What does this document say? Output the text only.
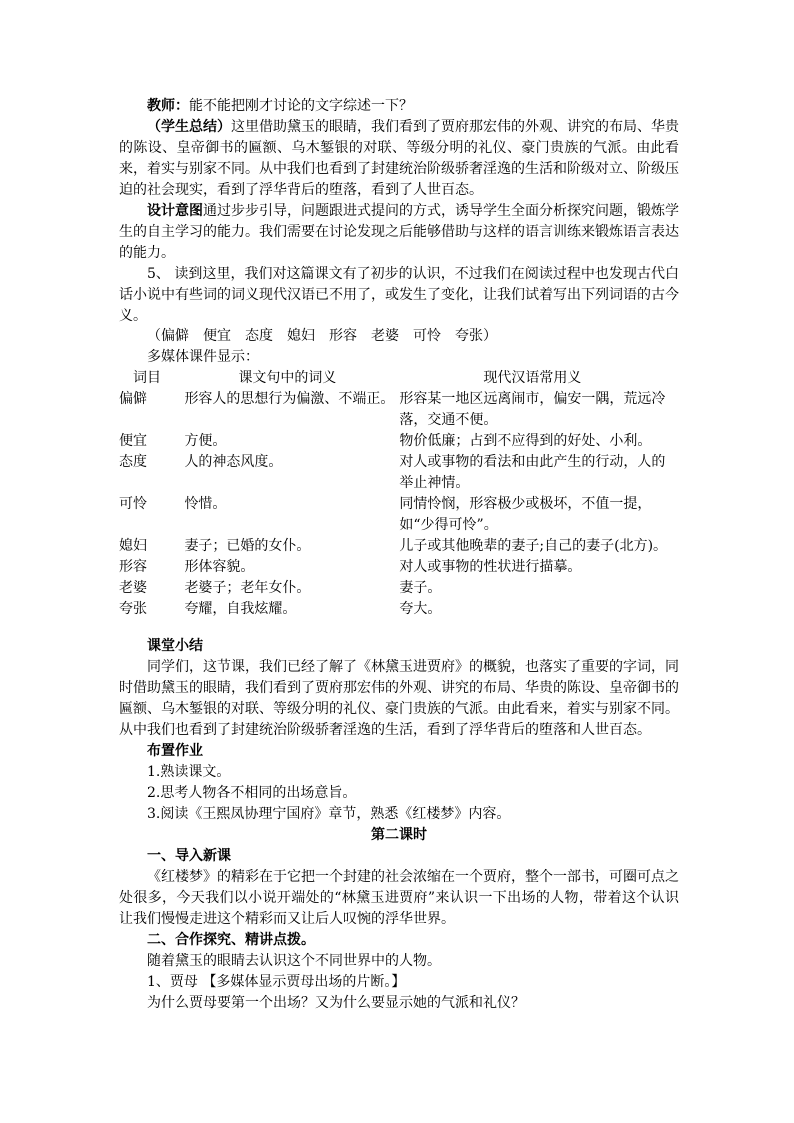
教师：能不能把刚才讨论的文字综述一下？

（学生总结）这里借助黛玉的眼睛，我们看到了贾府那宏伟的外观、讲究的布局、华贵的陈设、皇帝御书的匾额、乌木錾银的对联、等级分明的礼仪、豪门贵族的气派。由此看来，着实与别家不同。从中我们也看到了封建统治阶级骄奢淫逸的生活和阶级对立、阶级压迫的社会现实，看到了浮华背后的堕落，看到了人世百态。

设计意图通过步步引导，问题跟进式提问的方式，诱导学生全面分析探究问题，锻炼学生的自主学习的能力。我们需要在讨论发现之后能够借助与这样的语言训练来锻炼语言表达的能力。

5、 读到这里，我们对这篇课文有了初步的认识，不过我们在阅读过程中也发现古代白话小说中有些词的词义现代汉语已不用了，或发生了变化，让我们试着写出下列词语的古今义。

（偏僻　便宜　态度　媳妇　形容　老婆　可怜　夸张）

多媒体课件显示：

词目	课文句中的词义	现代汉语常用义
偏僻	形容人的思想行为偏激、不端正。	形容某一地区远离闹市，偏安一隅，荒远冷落，交通不便。
便宜	方便。	物价低廉；占到不应得到的好处、小利。
态度	人的神态风度。	对人或事物的看法和由此产生的行动，人的举止神情。
可怜	怜惜。	同情怜悯，形容极少或极坏，不值一提，如“少得可怜”。
媳妇	妻子；已婚的女仆。	儿子或其他晚辈的妻子;自己的妻子(北方)。
形容	形体容貌。	对人或事物的性状进行描摹。
老婆	老婆子；老年女仆。	妻子。
夸张	夸耀，自我炫耀。	夸大。

课堂小结

同学们，这节课，我们已经了解了《林黛玉进贾府》的概貌，也落实了重要的字词，同时借助黛玉的眼睛，我们看到了贾府那宏伟的外观、讲究的布局、华贵的陈设、皇帝御书的匾额、乌木錾银的对联、等级分明的礼仪、豪门贵族的气派。由此看来，着实与别家不同。从中我们也看到了封建统治阶级骄奢淫逸的生活，看到了浮华背后的堕落和人世百态。

布置作业

1.熟读课文。

2.思考人物各不相同的出场意旨。

3.阅读《王熙凤协理宁国府》章节，熟悉《红楼梦》内容。

第二课时

一、导入新课

《红楼梦》的精彩在于它把一个封建的社会浓缩在一个贾府，整个一部书，可圈可点之处很多，今天我们以小说开端处的“林黛玉进贾府”来认识一下出场的人物，带着这个认识让我们慢慢走进这个精彩而又让后人叹惋的浮华世界。

二、合作探究、精讲点拨。

随着黛玉的眼睛去认识这个不同世界中的人物。

1、贾母 【多媒体显示贾母出场的片断。】

为什么贾母要第一个出场？又为什么要显示她的气派和礼仪？
